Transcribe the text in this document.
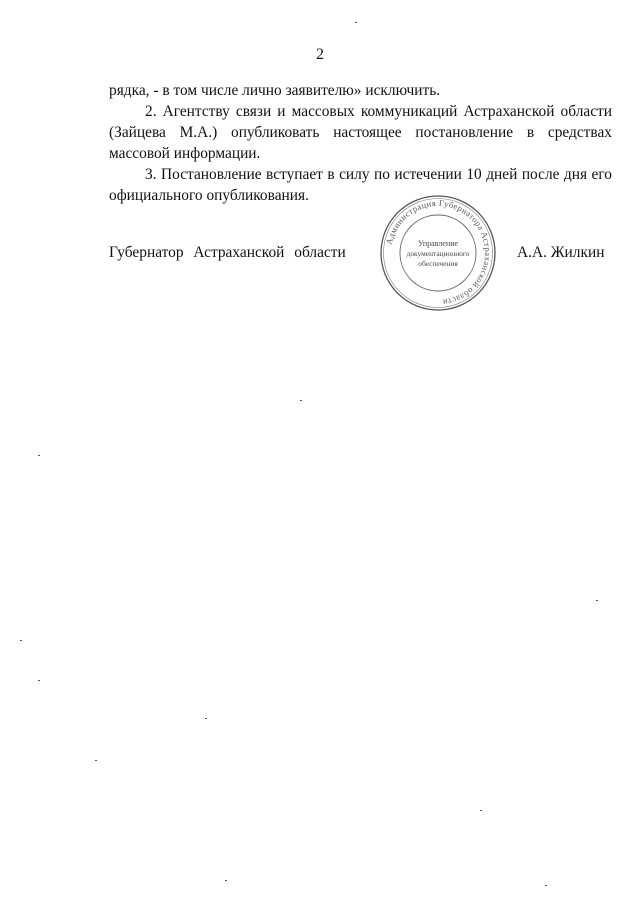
2

рядка, - в том числе лично заявителю» исключить.

2. Агентству связи и массовых коммуникаций Астраханской области (Зайцева М.А.) опубликовать настоящее постановление в средствах массовой информации.

3. Постановление вступает в силу по истечении 10 дней после дня его официального опубликования.

Губернатор Астраханской области
Администрация Губернатора Астраханской области
Управление
документационного
обеспечения
А.А. Жилкин
